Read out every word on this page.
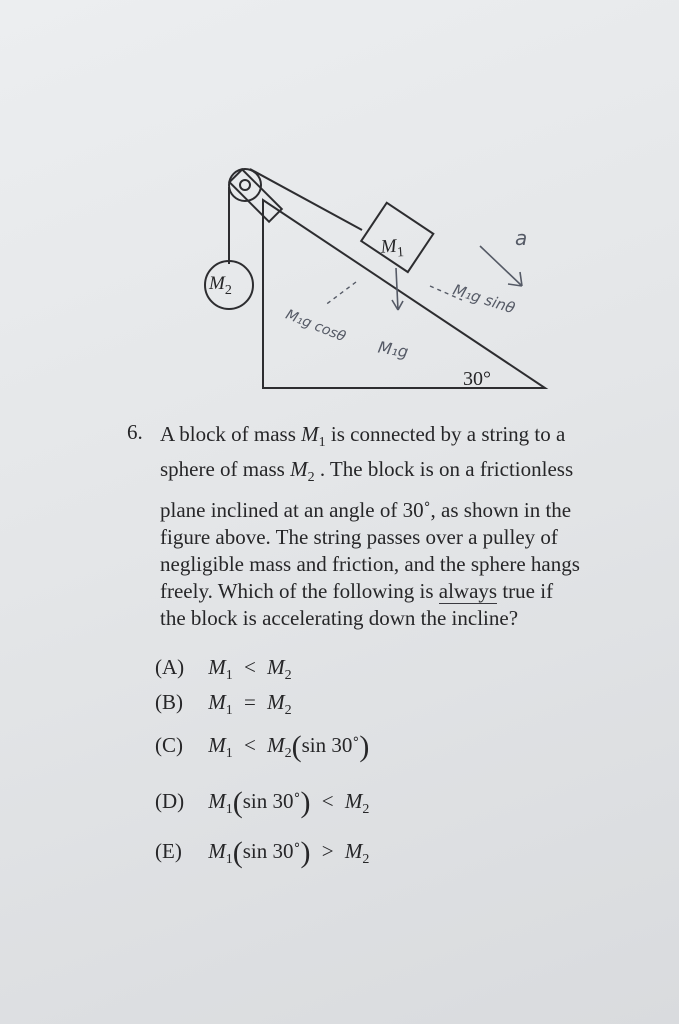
$M_1$
$M_2$
30°
a
M₁g sinθ
M₁g cosθ
M₁g
6. A block of mass $M_1$ is connected by a string to a
sphere of mass $M_2$ . The block is on a frictionless
plane inclined at an angle of 30˚, as shown in the
figure above. The string passes over a pulley of
negligible mass and friction, and the sphere hangs
freely. Which of the following is always true if
the block is accelerating down the incline?
(A) $M_1 < M_2$
(B) $M_1 = M_2$
(C) $M_1 < M_2(\sin$ 30˚)
(D) $M_1(\sin$ 30˚) < $M_2$
(E) $M_1(\sin$ 30˚) > $M_2$
